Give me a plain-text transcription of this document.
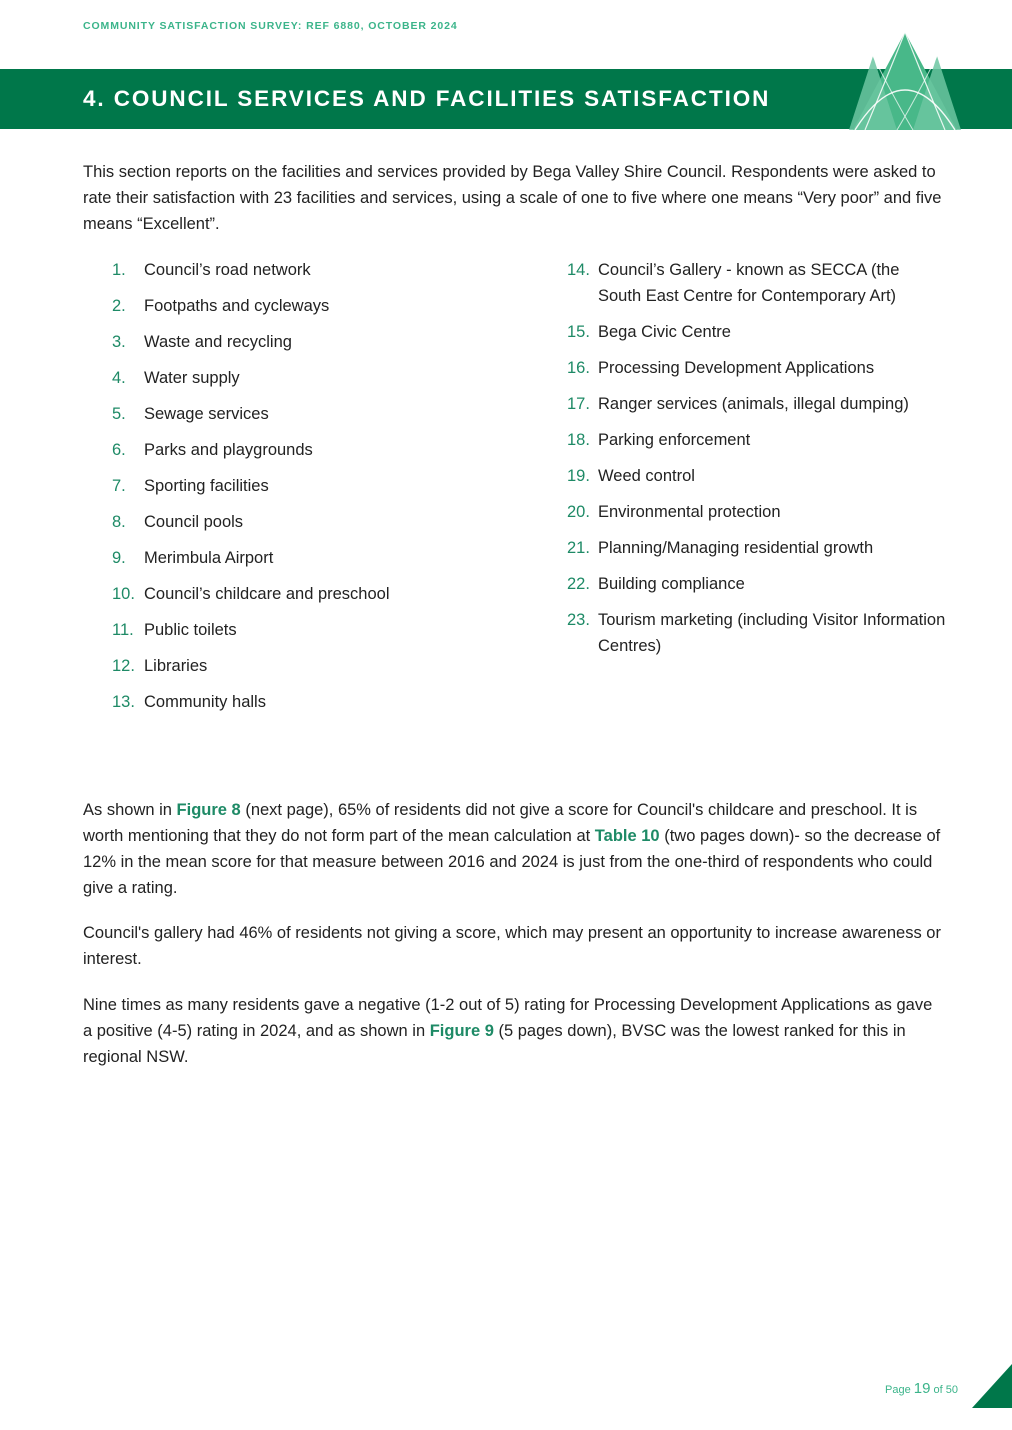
COMMUNITY SATISFACTION SURVEY: REF 6880, OCTOBER 2024
4. COUNCIL SERVICES AND FACILITIES SATISFACTION

This section reports on the facilities and services provided by Bega Valley Shire Council. Respondents were asked to rate their satisfaction with 23 facilities and services, using a scale of one to five where one means “Very poor” and five means “Excellent”.

1.	Council’s road network
2.	Footpaths and cycleways
3.	Waste and recycling
4.	Water supply
5.	Sewage services
6.	Parks and playgrounds
7.	Sporting facilities
8.	Council pools
9.	Merimbula Airport
10. Council’s childcare and preschool
11. Public toilets
12. Libraries
13. Community halls
14. Council’s Gallery - known as SECCA (the South East Centre for Contemporary Art)
15. Bega Civic Centre
16. Processing Development Applications
17. Ranger services (animals, illegal dumping)
18. Parking enforcement
19. Weed control
20. Environmental protection
21. Planning/Managing residential growth
22. Building compliance
23. Tourism marketing (including Visitor Information Centres)

As shown in Figure 8 (next page), 65% of residents did not give a score for Council's childcare and preschool. It is worth mentioning that they do not form part of the mean calculation at Table 10 (two pages down)- so the decrease of 12% in the mean score for that measure between 2016 and 2024 is just from the one-third of respondents who could give a rating.

Council's gallery had 46% of residents not giving a score, which may present an opportunity to increase awareness or interest.

Nine times as many residents gave a negative (1-2 out of 5) rating for Processing Development Applications as gave a positive (4-5) rating in 2024, and as shown in Figure 9 (5 pages down), BVSC was the lowest ranked for this in regional NSW.

Page 19 of 50
